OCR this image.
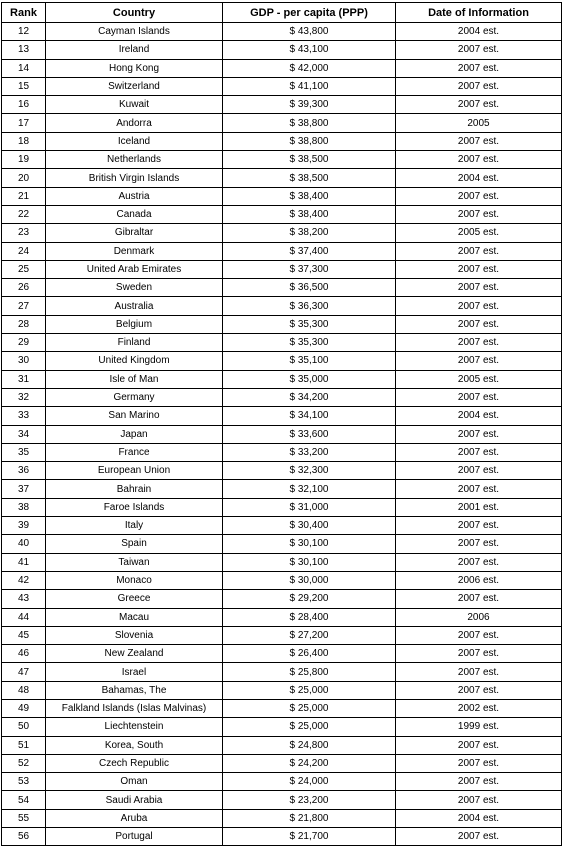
Rank	Country	GDP - per capita (PPP)	Date of Information
12	Cayman Islands	$ 43,800	2004 est.
13	Ireland	$ 43,100	2007 est.
14	Hong Kong	$ 42,000	2007 est.
15	Switzerland	$ 41,100	2007 est.
16	Kuwait	$ 39,300	2007 est.
17	Andorra	$ 38,800	2005
18	Iceland	$ 38,800	2007 est.
19	Netherlands	$ 38,500	2007 est.
20	British Virgin Islands	$ 38,500	2004 est.
21	Austria	$ 38,400	2007 est.
22	Canada	$ 38,400	2007 est.
23	Gibraltar	$ 38,200	2005 est.
24	Denmark	$ 37,400	2007 est.
25	United Arab Emirates	$ 37,300	2007 est.
26	Sweden	$ 36,500	2007 est.
27	Australia	$ 36,300	2007 est.
28	Belgium	$ 35,300	2007 est.
29	Finland	$ 35,300	2007 est.
30	United Kingdom	$ 35,100	2007 est.
31	Isle of Man	$ 35,000	2005 est.
32	Germany	$ 34,200	2007 est.
33	San Marino	$ 34,100	2004 est.
34	Japan	$ 33,600	2007 est.
35	France	$ 33,200	2007 est.
36	European Union	$ 32,300	2007 est.
37	Bahrain	$ 32,100	2007 est.
38	Faroe Islands	$ 31,000	2001 est.
39	Italy	$ 30,400	2007 est.
40	Spain	$ 30,100	2007 est.
41	Taiwan	$ 30,100	2007 est.
42	Monaco	$ 30,000	2006 est.
43	Greece	$ 29,200	2007 est.
44	Macau	$ 28,400	2006
45	Slovenia	$ 27,200	2007 est.
46	New Zealand	$ 26,400	2007 est.
47	Israel	$ 25,800	2007 est.
48	Bahamas, The	$ 25,000	2007 est.
49	Falkland Islands (Islas Malvinas)	$ 25,000	2002 est.
50	Liechtenstein	$ 25,000	1999 est.
51	Korea, South	$ 24,800	2007 est.
52	Czech Republic	$ 24,200	2007 est.
53	Oman	$ 24,000	2007 est.
54	Saudi Arabia	$ 23,200	2007 est.
55	Aruba	$ 21,800	2004 est.
56	Portugal	$ 21,700	2007 est.
